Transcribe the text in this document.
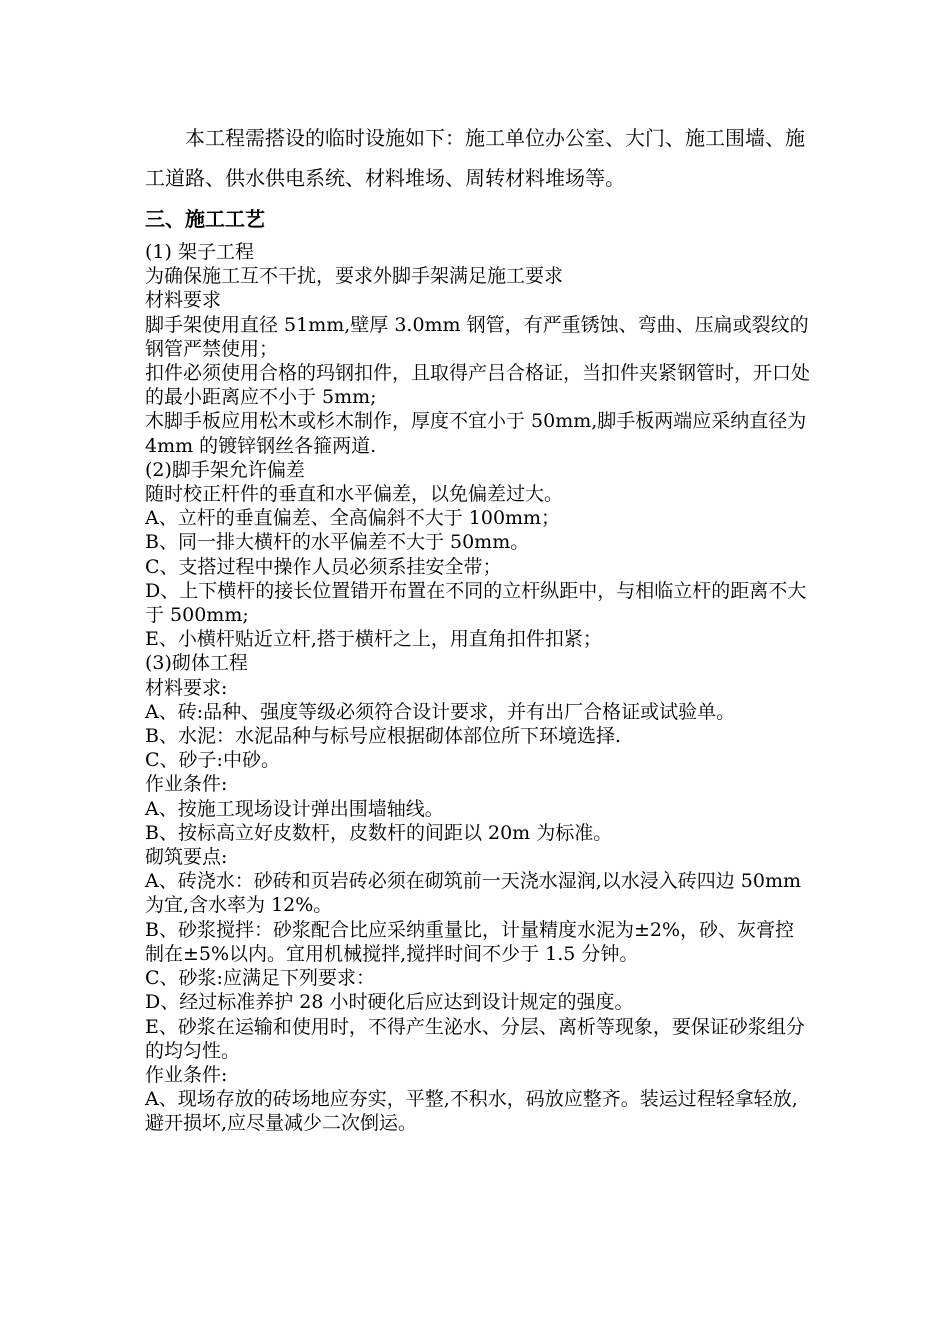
本工程需搭设的临时设施如下：施工单位办公室、大门、施工围墙、施工道路、供水供电系统、材料堆场、周转材料堆场等。

三、施工工艺

(1) 架子工程

为确保施工互不干扰，要求外脚手架满足施工要求

材料要求

脚手架使用直径 51mm,壁厚 3.0mm 钢管，有严重锈蚀、弯曲、压扁或裂纹的钢管严禁使用；

扣件必须使用合格的玛钢扣件，且取得产吕合格证，当扣件夹紧钢管时，开口处的最小距离应不小于 5mm;

木脚手板应用松木或杉木制作，厚度不宜小于 50mm,脚手板两端应采纳直径为 4mm 的镀锌钢丝各箍两道.

(2)脚手架允许偏差

随时校正杆件的垂直和水平偏差，以免偏差过大。

A、立杆的垂直偏差、全高偏斜不大于 100mm；

B、同一排大横杆的水平偏差不大于 50mm。

C、支搭过程中操作人员必须系挂安全带；

D、上下横杆的接长位置错开布置在不同的立杆纵距中，与相临立杆的距离不大于 500mm;

E、小横杆贴近立杆,搭于横杆之上，用直角扣件扣紧；

(3)砌体工程

材料要求:

A、砖:品种、强度等级必须符合设计要求，并有出厂合格证或试验单。

B、水泥：水泥品种与标号应根据砌体部位所下环境选择.

C、砂子:中砂。

作业条件:

A、按施工现场设计弹出围墙轴线。

B、按标高立好皮数杆，皮数杆的间距以 20m 为标准。

砌筑要点:

A、砖浇水：砂砖和页岩砖必须在砌筑前一天浇水湿润,以水浸入砖四边 50mm 为宜,含水率为 12%。

B、砂浆搅拌：砂浆配合比应采纳重量比，计量精度水泥为±2%，砂、灰膏控制在±5%以内。宜用机械搅拌,搅拌时间不少于 1.5 分钟。

C、砂浆:应满足下列要求：

D、经过标准养护 28 小时硬化后应达到设计规定的强度。

E、砂浆在运输和使用时，不得产生泌水、分层、离析等现象，要保证砂浆组分的均匀性。

作业条件:

A、现场存放的砖场地应夯实，平整,不积水，码放应整齐。装运过程轻拿轻放,避开损坏,应尽量减少二次倒运。
